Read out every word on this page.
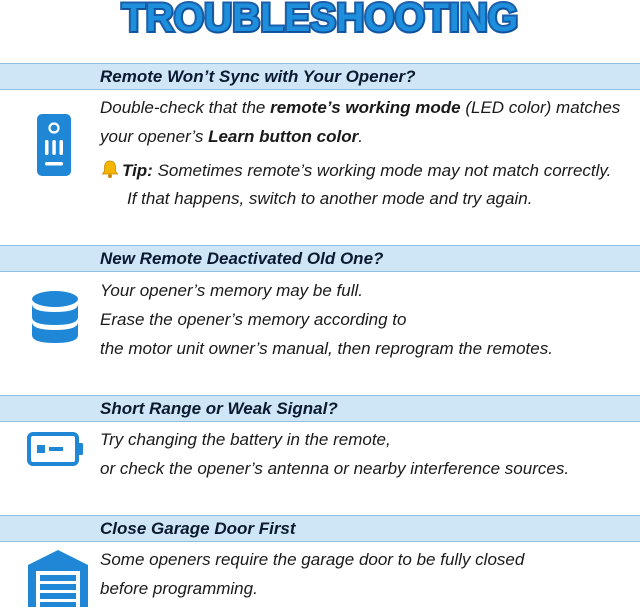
TROUBLESHOOTING
Remote Won’t Sync with Your Opener?
Double-check that the remote’s working mode (LED color) matches
your opener’s Learn button color.
Tip: Sometimes remote’s working mode may not match correctly.
If that happens, switch to another mode and try again.
New Remote Deactivated Old One?
Your opener’s memory may be full.
Erase the opener’s memory according to
the motor unit owner’s manual, then reprogram the remotes.
Short Range or Weak Signal?
Try changing the battery in the remote,
or check the opener’s antenna or nearby interference sources.
Close Garage Door First
Some openers require the garage door to be fully closed
before programming.
